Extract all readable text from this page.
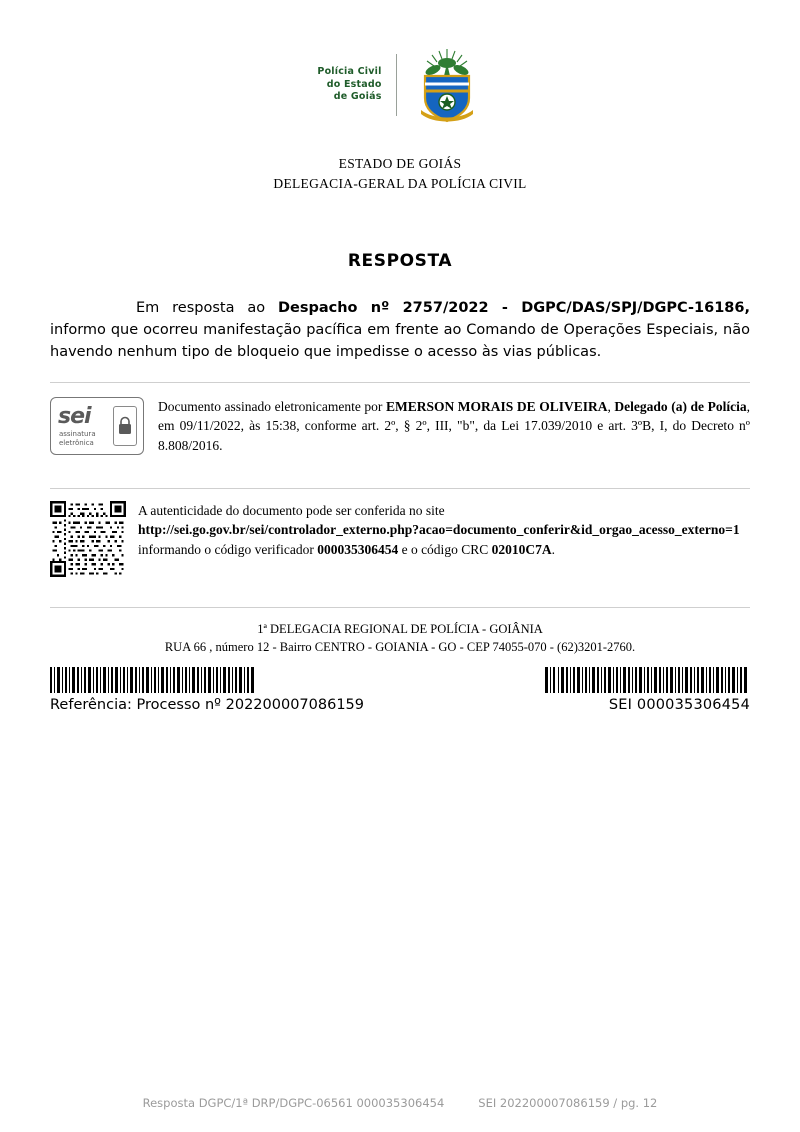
Polícia Civil
do Estado
de Goiás
ESTADO DE GOIÁS
DELEGACIA-GERAL DA POLÍCIA CIVIL
RESPOSTA

Em resposta ao Despacho nº 2757/2022 - DGPC/DAS/SPJ/DGPC-16186, informo que ocorreu manifestação pacífica em frente ao Comando de Operações Especiais, não havendo nenhum tipo de bloqueio que impedisse o acesso às vias públicas.

sei
assinatura
eletrônica
Documento assinado eletronicamente por EMERSON MORAIS DE OLIVEIRA, Delegado (a) de Polícia, em 09/11/2022, às 15:38, conforme art. 2º, § 2º, III, "b", da Lei 17.039/2010 e art. 3ºB, I, do Decreto nº 8.808/2016.
A autenticidade do documento pode ser conferida no site
http://sei.go.gov.br/sei/controlador_externo.php?acao=documento_conferir&id_orgao_acesso_externo=1 informando o código verificador 000035306454 e o código CRC 02010C7A.
1ª DELEGACIA REGIONAL DE POLÍCIA - GOIÂNIA
RUA 66 , número 12 - Bairro CENTRO - GOIANIA - GO - CEP 74055-070 - (62)3201-2760.
Referência: Processo nº 202200007086159	SEI 000035306454
Resposta DGPC/1ª DRP/DGPC-06561 000035306454	SEI 202200007086159 / pg. 12
